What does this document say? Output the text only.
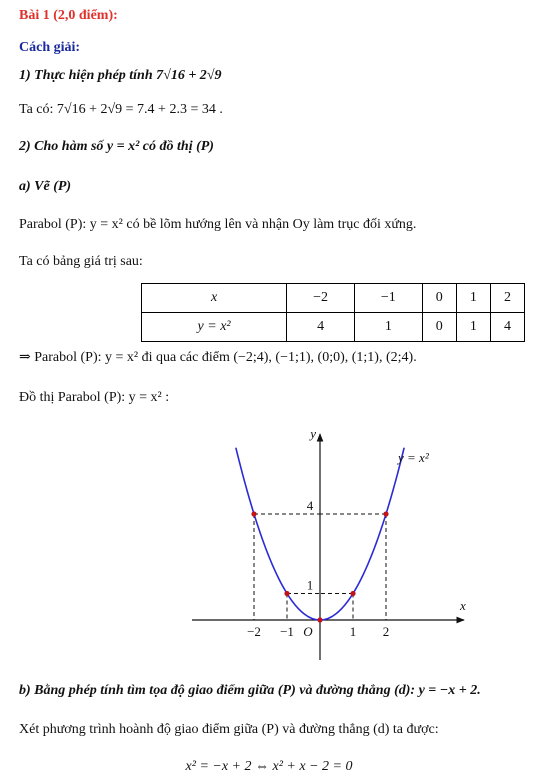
Bài 1 (2,0 điểm):
Cách giải:
1) Thực hiện phép tính 7√16 + 2√9
Ta có: 7√16 + 2√9 = 7.4 + 2.3 = 34 .
2) Cho hàm số y = x² có đồ thị (P)
a) Vẽ (P)
Parabol (P): y = x² có bề lõm hướng lên và nhận Oy làm trục đối xứng.
Ta có bảng giá trị sau:
x	−2	−1	0	1	2
y = x²	4	1	0	1	4
⇒ Parabol (P): y = x² đi qua các điểm (−2;4), (−1;1), (0;0), (1;1), (2;4).
Đồ thị Parabol (P): y = x² :
−2 −1	1 2
1
4
O
x
y
y = x²
b) Bằng phép tính tìm tọa độ giao điểm giữa (P) và đường thẳng (d): y = −x + 2.
Xét phương trình hoành độ giao điểm giữa (P) và đường thẳng (d) ta được:
x² = −x + 2 ⇔ x² + x − 2 = 0
